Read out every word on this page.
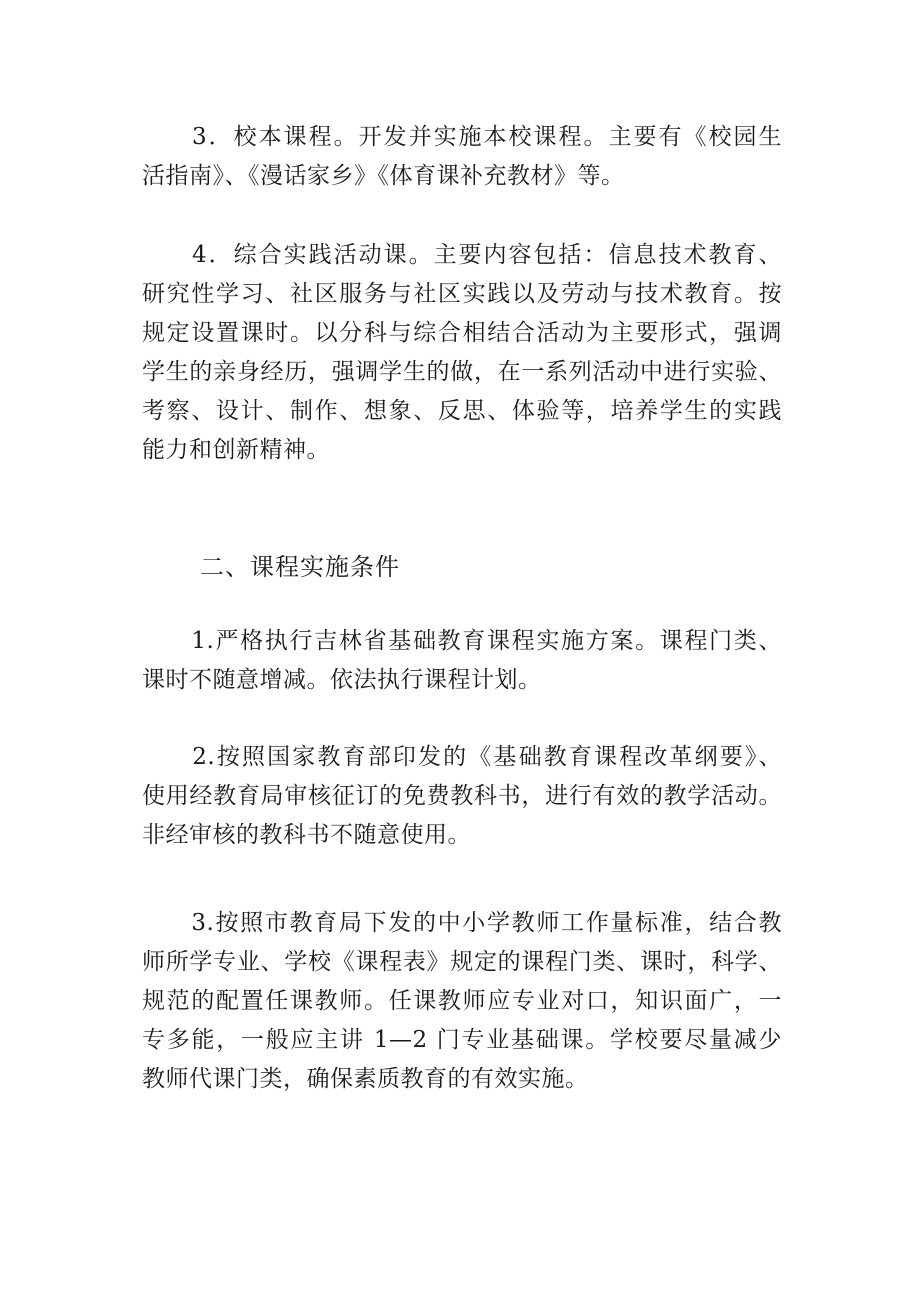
　　3．校本课程。开发并实施本校课程。主要有《校园生
活指南》、《漫话家乡》《体育课补充教材》等。
　　4．综合实践活动课。主要内容包括：信息技术教育、
研究性学习、社区服务与社区实践以及劳动与技术教育。按
规定设置课时。以分科与综合相结合活动为主要形式，强调
学生的亲身经历，强调学生的做，在一系列活动中进行实验、
考察、设计、制作、想象、反思、体验等，培养学生的实践
能力和创新精神。
二、课程实施条件
　　1.严格执行吉林省基础教育课程实施方案。课程门类、
课时不随意增减。依法执行课程计划。
　　2.按照国家教育部印发的《基础教育课程改革纲要》、
使用经教育局审核征订的免费教科书，进行有效的教学活动。
非经审核的教科书不随意使用。
　　3.按照市教育局下发的中小学教师工作量标准，结合教
师所学专业、学校《课程表》规定的课程门类、课时，科学、
规范的配置任课教师。任课教师应专业对口，知识面广，一
专多能，一般应主讲 1—2 门专业基础课。学校要尽量减少
教师代课门类，确保素质教育的有效实施。
